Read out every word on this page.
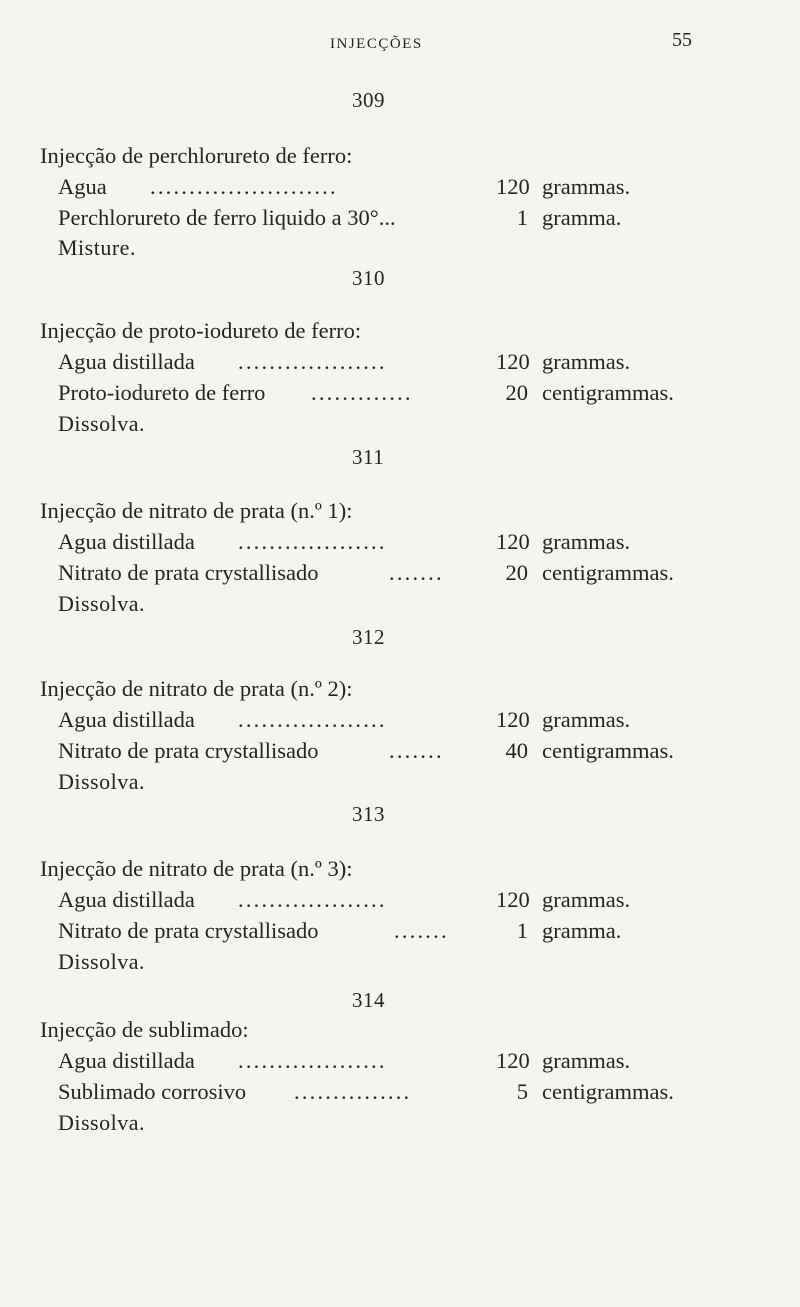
INJECÇÕES	55
309
Injecção de perchlorureto de ferro:
Agua ........................	120 grammas.
Perchlorureto de ferro liquido a 30°...	1 gramma.
Misture.
310
Injecção de proto-iodureto de ferro:
Agua distillada ...................	120 grammas.
Proto-iodureto de ferro .............	20 centigrammas.
Dissolva.
311
Injecção de nitrato de prata (n.º 1):
Agua distillada ...................	120 grammas.
Nitrato de prata crystallisado	.......	20 centigrammas.
Dissolva.
312
Injecção de nitrato de prata (n.º 2):
Agua distillada ...................	120 grammas.
Nitrato de prata crystallisado	.......	40 centigrammas.
Dissolva.
313
Injecção de nitrato de prata (n.º 3):
Agua distillada ...................	120 grammas.
Nitrato de prata crystallisado	.......	1 gramma.
Dissolva.
314
Injecção de sublimado:
Agua distillada ...................	120 grammas.
Sublimado corrosivo ...............	5 centigrammas.
Dissolva.
